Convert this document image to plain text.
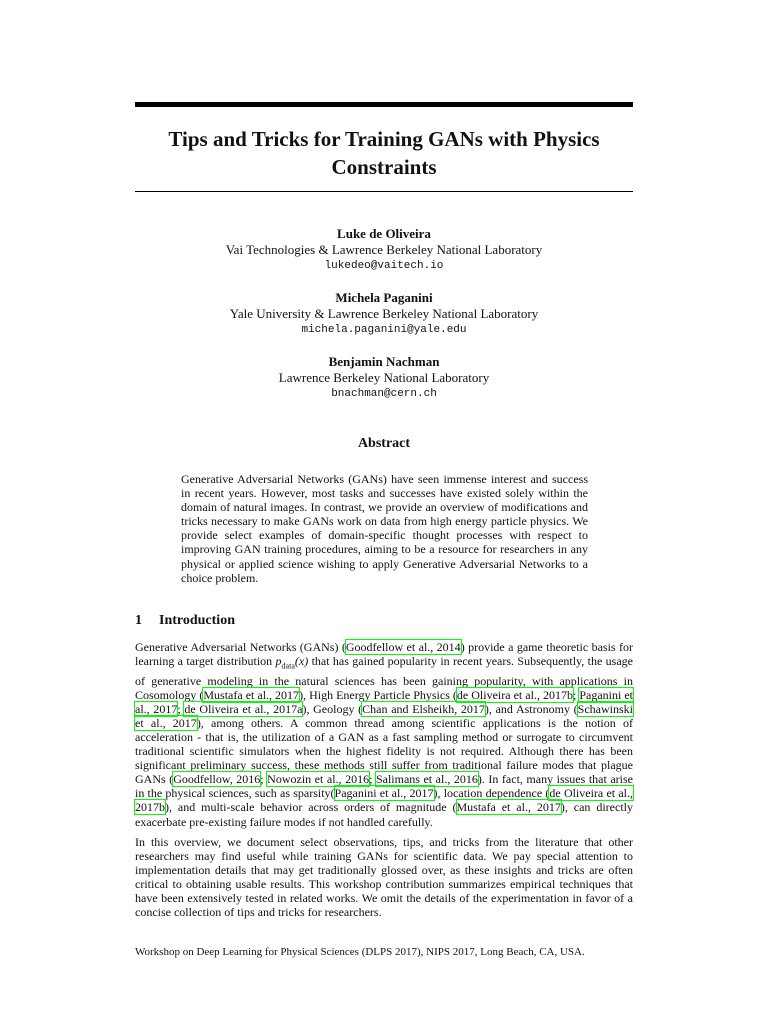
Tips and Tricks for Training GANs with Physics Constraints
Luke de Oliveira
Vai Technologies & Lawrence Berkeley National Laboratory
lukedeo@vaitech.io
Michela Paganini
Yale University & Lawrence Berkeley National Laboratory
michela.paganini@yale.edu
Benjamin Nachman
Lawrence Berkeley National Laboratory
bnachman@cern.ch
Abstract

Generative Adversarial Networks (GANs) have seen immense interest and success in recent years. However, most tasks and successes have existed solely within the domain of natural images. In contrast, we provide an overview of modifications and tricks necessary to make GANs work on data from high energy particle physics. We provide select examples of domain-specific thought processes with respect to improving GAN training procedures, aiming to be a resource for researchers in any physical or applied science wishing to apply Generative Adversarial Networks to a choice problem.

1 Introduction

Generative Adversarial Networks (GANs) (Goodfellow et al., 2014) provide a game theoretic basis for learning a target distribution $p_{data}(x)$ that has gained popularity in recent years. Subsequently, the usage of generative modeling in the natural sciences has been gaining popularity, with applications in Cosomology (Mustafa et al., 2017), High Energy Particle Physics (de Oliveira et al., 2017b; Paganini et al., 2017; de Oliveira et al., 2017a), Geology (Chan and Elsheikh, 2017), and Astronomy (Schawinski et al., 2017), among others. A common thread among scientific applications is the notion of acceleration - that is, the utilization of a GAN as a fast sampling method or surrogate to circumvent traditional scientific simulators when the highest fidelity is not required. Although there has been significant preliminary success, these methods still suffer from traditional failure modes that plague GANs (Goodfellow, 2016; Nowozin et al., 2016; Salimans et al., 2016). In fact, many issues that arise in the physical sciences, such as sparsity(Paganini et al., 2017), location dependence (de Oliveira et al., 2017b), and multi-scale behavior across orders of magnitude (Mustafa et al., 2017), can directly exacerbate pre-existing failure modes if not handled carefully.

In this overview, we document select observations, tips, and tricks from the literature that other researchers may find useful while training GANs for scientific data. We pay special attention to implementation details that may get traditionally glossed over, as these insights and tricks are often critical to obtaining usable results. This workshop contribution summarizes empirical techniques that have been extensively tested in related works. We omit the details of the experimentation in favor of a concise collection of tips and tricks for researchers.

Workshop on Deep Learning for Physical Sciences (DLPS 2017), NIPS 2017, Long Beach, CA, USA.
